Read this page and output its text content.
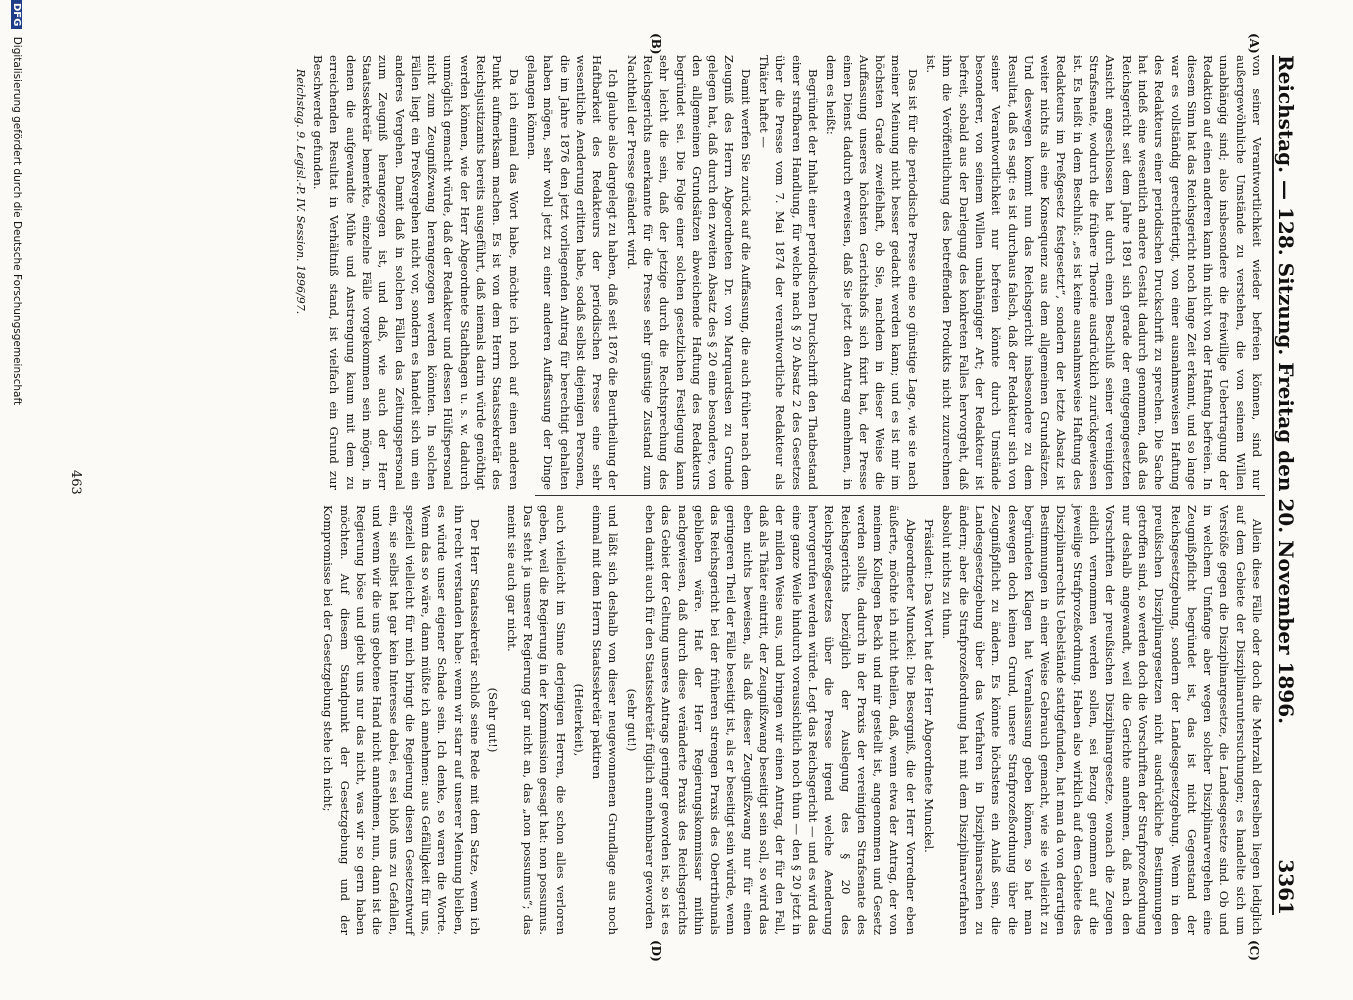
Reichstag. — 128. Sitzung. Freitag den 20. November 1896.
3361
(A)
(B)
(C)
(D)

von seiner Verantwortlichkeit wieder befreien können, sind nur außergewöhnliche Umstände zu verstehen, die von seinem Willen unabhängig sind; also insbesondere die freiwillige Uebertragung der Redaktion auf einen anderen kann ihn nicht von der Haftung befreien. In diesem Sinn hat das Reichsgericht noch lange Zeit erkannt, und so lange war es vollständig gerechtfertigt, von einer ausnahmsweisen Haftung des Redakteurs einer periodischen Druckschrift zu sprechen. Die Sache hat indeß eine wesentlich andere Gestalt dadurch genommen, daß das Reichsgericht seit dem Jahre 1891 sich gerade der entgegengesetzten Ansicht angeschlossen hat durch einen Beschluß seiner vereinigten Strafsenate, wodurch die frühere Theorie ausdrücklich zurückgewiesen ist. Es heißt in dem Beschluß: „es ist keine ausnahmsweise Haftung des Redakteurs im Preßgesetz festgesetzt“, sondern der letzte Absatz ist weiter nichts als eine Konsequenz aus dem allgemeinen Grundsätzen. Und deswegen kommt nun das Reichsgericht insbesondere zu dem Resultat, daß es sagt: es ist durchaus falsch, daß der Redakteur sich von seiner Verantwortlichkeit nur befreien könnte durch Umstände besonderer, von seinem Willen unabhängiger Art; der Redakteur ist befreit, sobald aus der Darlegung des konkreten Falles hervorgeht, daß ihm die Veröffentlichung des betreffenden Produkts nicht zuzurechnen ist.

Das ist für die periodische Presse eine so günstige Lage, wie sie nach meiner Meinung nicht besser gedacht werden kann; und es ist mir im höchsten Grade zweifelhaft, ob Sie, nachdem in dieser Weise die Auffassung unseres höchsten Gerichtshofs sich fixirt hat, der Presse einen Dienst dadurch erweisen, daß Sie jetzt den Antrag annehmen, in dem es heißt:

Begründet der Inhalt einer periodischen Druckschrift den Thatbestand einer strafbaren Handlung, für welche nach § 20 Absatz 2 des Gesetzes über die Presse vom 7. Mai 1874 der verantwortliche Redakteur als Thäter haftet —

Damit werfen Sie zurück auf die Auffassung, die auch früher nach dem Zeugniß des Herrn Abgeordneten Dr. von Marquardsen zu Grunde gelegen hat, daß durch den zweiten Absatz des § 20 eine besondere, von den allgemeinen Grundsätzen abweichende Haftung des Redakteurs begründet sei. Die Folge einer solchen gesetzlichen Festlegung kann sehr leicht die sein, daß der jetzige durch die Rechtsprechung des Reichsgerichts anerkannte für die Presse sehr günstige Zustand zum Nachtheil der Presse geändert wird.

Ich glaube also dargelegt zu haben, daß seit 1876 die Beurtheilung der Haftbarkeit des Redakteurs der periodischen Presse eine sehr wesentliche Aenderung erlitten habe, sodaß selbst diejenigen Personen, die im Jahre 1876 den jetzt vorliegenden Antrag für berechtigt gehalten haben mögen, sehr wohl jetzt zu einer anderen Auffassung der Dinge gelangen können.

Da ich einmal das Wort habe, möchte ich noch auf einen anderen Punkt aufmerksam machen. Es ist von dem Herrn Staatssekretär des Reichsjustizamts bereits ausgeführt, daß niemals darin würde genöthigt werden können, wie der Herr Abgeordnete Stadthagen u. s. w. dadurch unmöglich gemacht würde, daß der Redakteur und dessen Hülfspersonal nicht zum Zeugnißzwang herangezogen werden könnten. In solchen Fällen liegt ein Preßvergehen nicht vor, sondern es handelt sich um ein anderes Vergehen. Damit daß in solchen Fällen das Zeitungspersonal zum Zeugniß herangezogen ist, und daß, wie auch der Herr Staatssekretär bemerkte, einzelne Fälle vorgekommen sein mögen, in denen die aufgewandte Mühe und Anstrengung kaum mit dem zu erreichenden Resultat in Verhältniß stand, ist vielfach ein Grund zur Beschwerde gefunden.

Reichstag. 9. Legisl.-P. IV. Session. 1896/97.

Allein diese Fälle oder doch die Mehrzahl derselben liegen lediglich auf dem Gebiete der Disziplinaruntersuchungen; es handelte sich um Verstöße gegen die Disziplinargesetze, die Landesgesetze sind. Ob und in welchem Umfange aber wegen solcher Disziplinarvergehen eine Zeugnißpflicht begründet ist, das ist nicht Gegenstand der Reichsgesetzgebung, sondern der Landesgesetzgebung. Wenn in den preußischen Disziplinargesetzen nicht ausdrückliche Bestimmungen getroffen sind, so werden doch die Vorschriften der Strafprozeßordnung nur deshalb angewandt, weil die Gerichte annehmen, daß nach den Vorschriften der preußischen Disziplinargesetze, wonach die Zeugen eidlich vernommen werden sollen, sei Bezug genommen auf die jeweilige Strafprozeßordnung. Haben also wirklich auf dem Gebiete des Disziplinarrechts Uebelstände stattgefunden, hat man da von derartigen Bestimmungen in einer Weise Gebrauch gemacht, wie sie vielleicht zu begründeten Klagen hat Veranlassung geben können, so hat man deswegen doch keinen Grund, unsere Strafprozeßordnung über die Zeugnißpflicht zu ändern. Es könnte höchstens ein Anlaß sein, die Landesgesetzgebung über das Verfahren in Disziplinarsachen zu ändern; aber die Strafprozeßordnung hat mit dem Disziplinarverfahren absolut nichts zu thun.

Präsident: Das Wort hat der Herr Abgeordnete Munckel.

Abgeordneter Munckel: Die Besorgniß, die der Herr Vorredner eben äußerte, möchte ich nicht theilen, daß, wenn etwa der Antrag, der von meinem Kollegen Beckh und mir gestellt ist, angenommen und Gesetz werden sollte, dadurch in der Praxis der vereinigten Strafsenate des Reichsgerichts bezüglich der Auslegung des § 20 des Reichspreßgesetzes über die Presse irgend welche Aenderung hervorgerufen werden würde. Legt das Reichsgericht — und es wird das eine ganze Weile hindurch voraussichtlich noch thun — den § 20 jetzt in der milden Weise aus, und bringen wir einen Antrag, der für den Fall, daß als Thäter eintritt, der Zeugnißzwang beseitigt sein soll, so wird das eben nichts beweisen, als daß dieser Zeugnißzwang nur für einen geringeren Theil der Fälle beseitigt ist, als er beseitigt sein würde, wenn das Reichsgericht bei der früheren strengen Praxis des Obertribunals geblieben wäre. Hat der Herr Regierungskommissar mithin nachgewiesen, daß durch diese veränderte Praxis des Reichsgerichts das Gebiet der Geltung unseres Antrags geringer geworden ist, so ist es eben damit auch für den Staatssekretär füglich annehmbarer geworden

(sehr gut!)

und läßt sich deshalb von dieser neugewonnenen Grundlage aus noch einmal mit dem Herrn Staatssekretär paktiren

(Heiterkeit),

auch vielleicht im Sinne derjenigen Herren, die schon alles verloren geben, weil die Regierung in der Kommission gesagt hat: non possumus. Das steht ja unserer Regierung gar nicht an, das „non possumus“; das meint sie auch gar nicht.

(Sehr gut!)

Der Herr Staatssekretär schloß seine Rede mit dem Satze, wenn ich ihn recht verstanden habe: wenn wir starr auf unserer Meinung bleiben, es würde unser eigener Schade sein. Ich denke, so waren die Worte. Wenn das so wäre, dann müßte ich annehmen: aus Gefälligkeit für uns, speziell vielleicht für mich bringt die Regierung diesen Gesetzentwurf ein, sie selbst hat gar kein Interesse dabei, es sei bloß uns zu Gefallen, und wenn wir die uns gebotene Hand nicht annehmen, nun, dann ist die Regierung böse und giebt uns nur das nicht, was wir so gern haben möchten. Auf diesem Standpunkt der Gesetzgebung und der Kompromisse bei der Gesetzgebung stehe ich nicht;

463
DFG Digitalisierung gefördert durch die Deutsche Forschungsgemeinschaft
